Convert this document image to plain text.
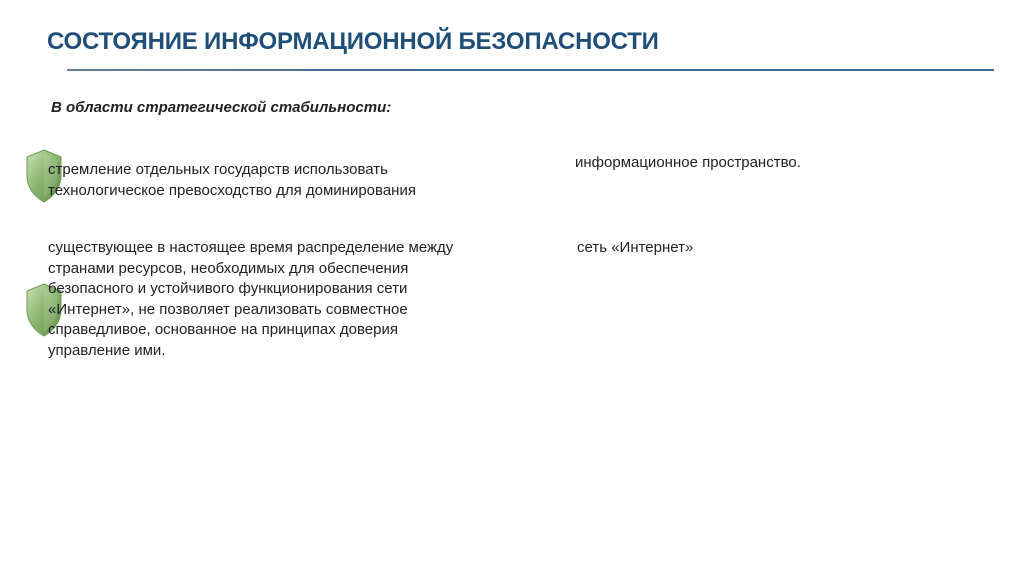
СОСТОЯНИЕ ИНФОРМАЦИОННОЙ БЕЗОПАСНОСТИ
В области стратегической стабильности:
стремление отдельных государств использовать технологическое превосходство для доминирования
существующее в настоящее время распределение между странами ресурсов, необходимых для обеспечения безопасного и устойчивого функционирования сети «Интернет», не позволяет реализовать совместное справедливое, основанное на принципах доверия управление ими.
информационное пространство.
сеть «Интернет»
